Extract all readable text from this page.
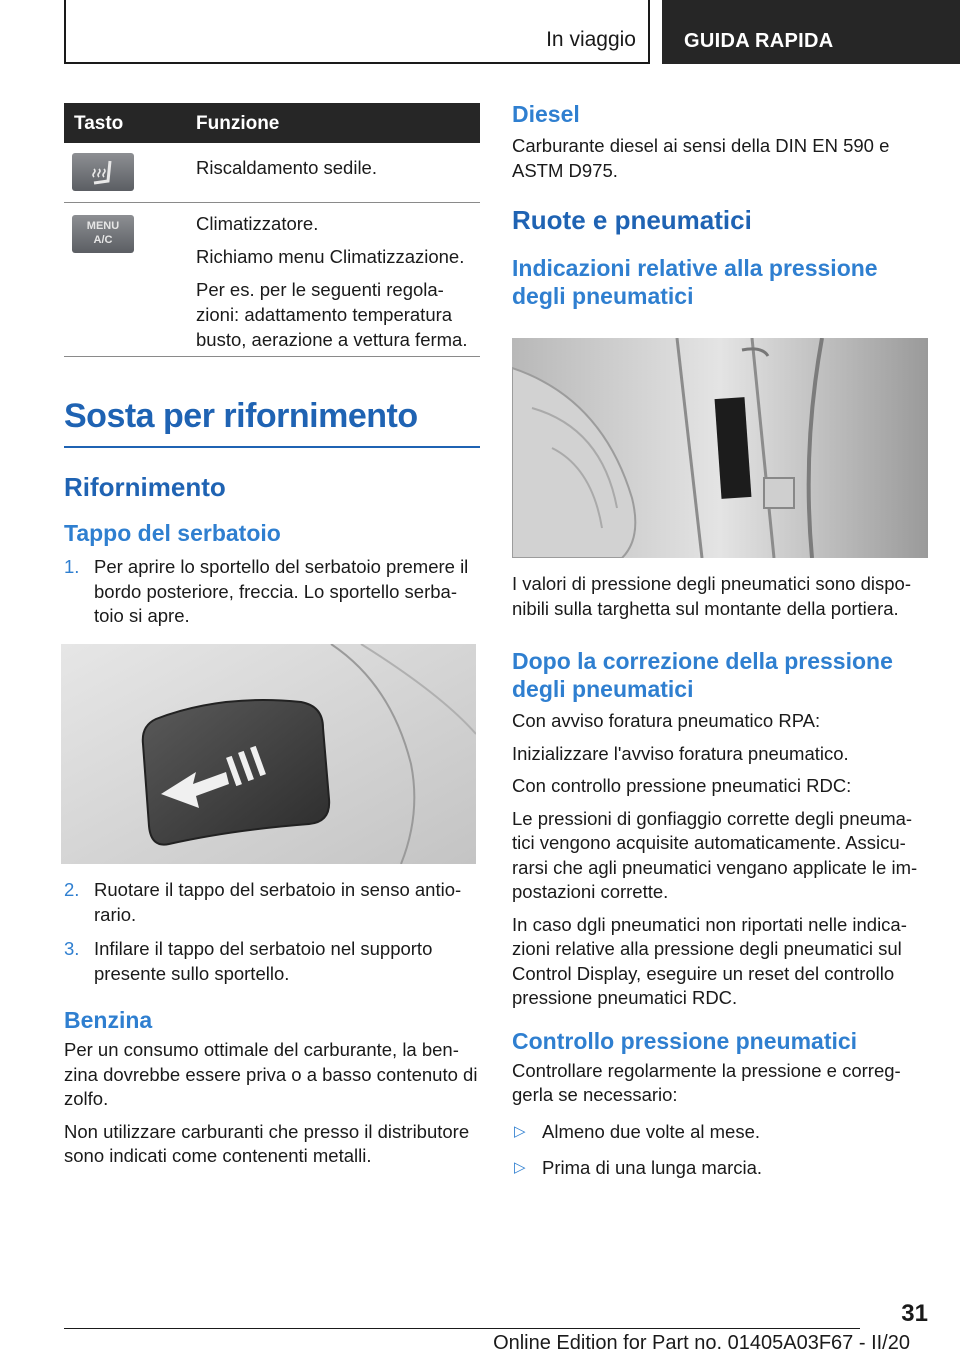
In viaggio	GUIDA RAPIDA
Tasto	Funzione
Riscaldamento sedile.
MENU
A/C

Climatizzatore.

Richiamo menu Climatizzazione.

Per es. per le seguenti regola-zioni: adattamento temperatura busto, aerazione a vettura ferma.

Sosta per rifornimento
Rifornimento
Tappo del serbatoio
1. Per aprire lo sportello del serbatoio premere il bordo posteriore, freccia. Lo sportello serba-toio si apre.
2. Ruotare il tappo del serbatoio in senso antio-rario.
3. Infilare il tappo del serbatoio nel supporto presente sullo sportello.
Benzina

Per un consumo ottimale del carburante, la ben-zina dovrebbe essere priva o a basso contenuto di zolfo.

Non utilizzare carburanti che presso il distributore sono indicati come contenenti metalli.

Diesel

Carburante diesel ai sensi della DIN EN 590 e ASTM D975.

Ruote e pneumatici
Indicazioni relative alla pressione degli pneumatici

I valori di pressione degli pneumatici sono dispo-nibili sulla targhetta sul montante della portiera.

Dopo la correzione della pressione degli pneumatici

Con avviso foratura pneumatico RPA:

Inizializzare l'avviso foratura pneumatico.

Con controllo pressione pneumatici RDC:

Le pressioni di gonfiaggio corrette degli pneuma-tici vengono acquisite automaticamente. Assicu-rarsi che agli pneumatici vengano applicate le im-postazioni corrette.

In caso dgli pneumatici non riportati nelle indica-zioni relative alla pressione degli pneumatici sul Control Display, eseguire un reset del controllo pressione pneumatici RDC.

Controllo pressione pneumatici

Controllare regolarmente la pressione e correg-gerla se necessario:

▷ Almeno due volte al mese.
▷ Prima di una lunga marcia.
31
Online Edition for Part no. 01405A03F67 - II/20
